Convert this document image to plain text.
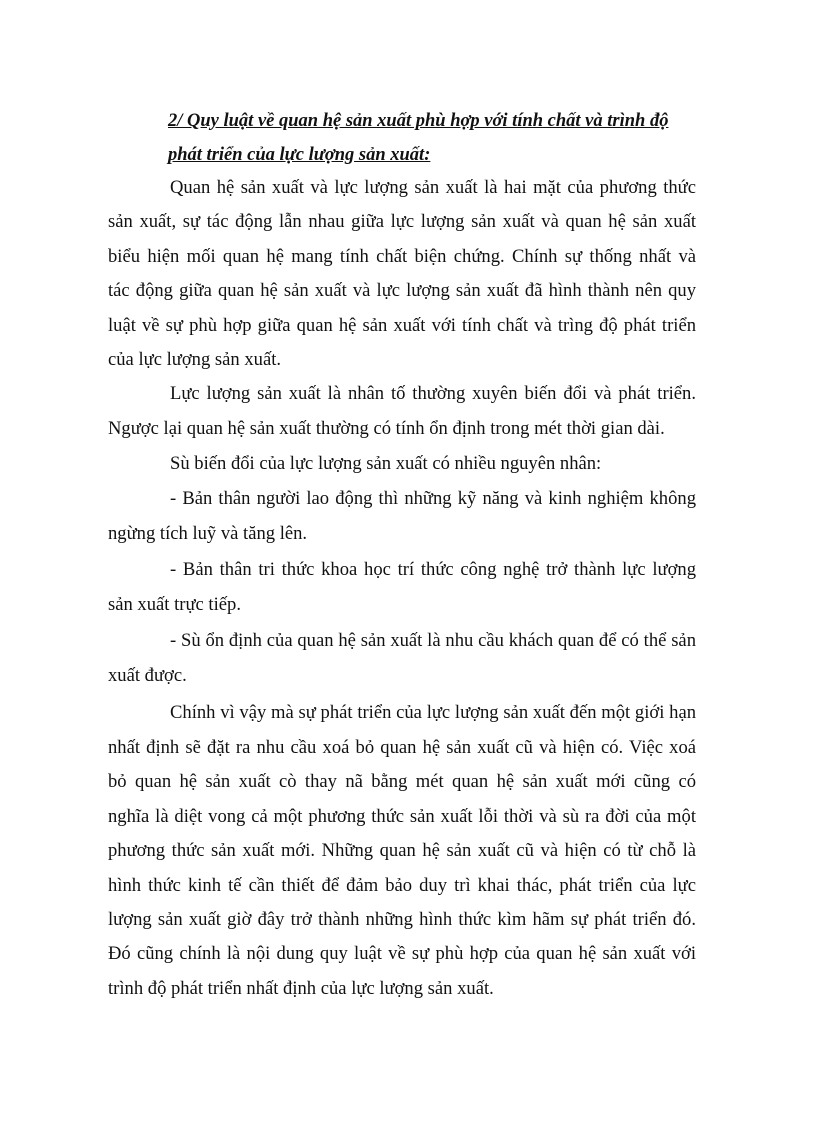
2/ Quy luật về quan hệ sản xuất phù hợp với tính chất và trình độ
phát triển của lực lượng sản xuất:
Quan hệ sản xuất và lực lượng sản xuất là hai mặt của phương thức
sản xuất, sự tác động lẫn nhau giữa lực lượng sản xuất và quan hệ sản xuất
biểu hiện mối quan hệ mang tính chất biện chứng. Chính sự thống nhất và
tác động giữa quan hệ sản xuất và lực lượng sản xuất đã hình thành nên quy
luật về sự phù hợp giữa quan hệ sản xuất với tính chất và trìng độ phát triển
của lực lượng sản xuất.
Lực lượng sản xuất là nhân tố thường xuyên biến đổi và phát triển.
Ngược lại quan hệ sản xuất thường có tính ổn định trong mét thời gian dài.
Sù biến đổi của lực lượng sản xuất có nhiều nguyên nhân:
- Bản thân người lao động thì những kỹ năng và kinh nghiệm không
ngừng tích luỹ và tăng lên.
- Bản thân tri thức khoa học trí thức công nghệ trở thành lực lượng
sản xuất trực tiếp.
- Sù ổn định của quan hệ sản xuất là nhu cầu khách quan để có thể sản
xuất được.
Chính vì vậy mà sự phát triển của lực lượng sản xuất đến một giới hạn
nhất định sẽ đặt ra nhu cầu xoá bỏ quan hệ sản xuất cũ và hiện có. Việc xoá
bỏ quan hệ sản xuất cò thay nã bằng mét quan hệ sản xuất mới cũng có
nghĩa là diệt vong cả một phương thức sản xuất lỗi thời và sù ra đời của một
phương thức sản xuất mới. Những quan hệ sản xuất cũ và hiện có từ chỗ là
hình thức kinh tế cần thiết để đảm bảo duy trì khai thác, phát triển của lực
lượng sản xuất giờ đây trở thành những hình thức kìm hãm sự phát triển đó.
Đó cũng chính là nội dung quy luật về sự phù hợp của quan hệ sản xuất với
trình độ phát triển nhất định của lực lượng sản xuất.
